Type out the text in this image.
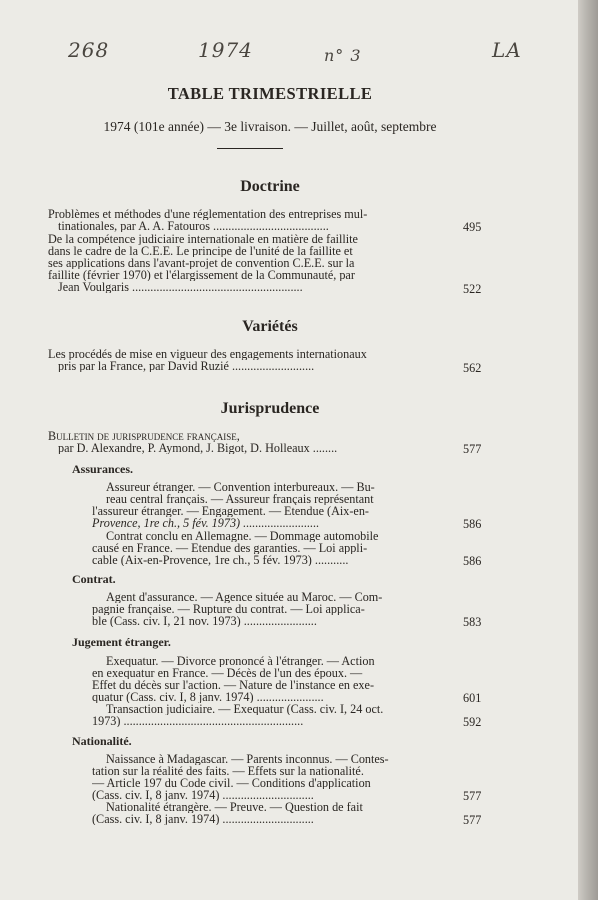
268	1974	n° 3	LA
TABLE TRIMESTRIELLE
1974 (101e année) — 3e livraison. — Juillet, août, septembre
Doctrine
Problèmes et méthodes d'une réglementation des entreprises mul-
tinationales, par A. A. Fatouros ......................................	495
De la compétence judiciaire internationale en matière de faillite
dans le cadre de la C.E.E. Le principe de l'unité de la faillite et
ses applications dans l'avant-projet de convention C.E.E. sur la
faillite (février 1970) et l'élargissement de la Communauté, par
Jean Voulgaris ........................................................	522
Variétés
Les procédés de mise en vigueur des engagements internationaux
pris par la France, par David Ruzié ...........................	562
Jurisprudence
Bulletin de jurisprudence française,
par D. Alexandre, P. Aymond, J. Bigot, D. Holleaux ........	577
Assurances.
Assureur étranger. — Convention interbureaux. — Bu-
reau central français. — Assureur français représentant
l'assureur étranger. — Engagement. — Etendue (Aix-en-
Provence, 1re ch., 5 fév. 1973) .........................	586
Contrat conclu en Allemagne. — Dommage automobile
causé en France. — Etendue des garanties. — Loi appli-
cable (Aix-en-Provence, 1re ch., 5 fév. 1973) ...........	586
Contrat.
Agent d'assurance. — Agence située au Maroc. — Com-
pagnie française. — Rupture du contrat. — Loi applica-
ble (Cass. civ. I, 21 nov. 1973) ........................	583
Jugement étranger.
Exequatur. — Divorce prononcé à l'étranger. — Action
en exequatur en France. — Décès de l'un des époux. —
Effet du décès sur l'action. — Nature de l'instance en exe-
quatur (Cass. civ. I, 8 janv. 1974) ......................	601
Transaction judiciaire. — Exequatur (Cass. civ. I, 24 oct.
1973) ...........................................................	592
Nationalité.
Naissance à Madagascar. — Parents inconnus. — Contes-
tation sur la réalité des faits. — Effets sur la nationalité.
— Article 197 du Code civil. — Conditions d'application
(Cass. civ. I, 8 janv. 1974) ..............................	577
Nationalité étrangère. — Preuve. — Question de fait
(Cass. civ. I, 8 janv. 1974) ..............................	577
